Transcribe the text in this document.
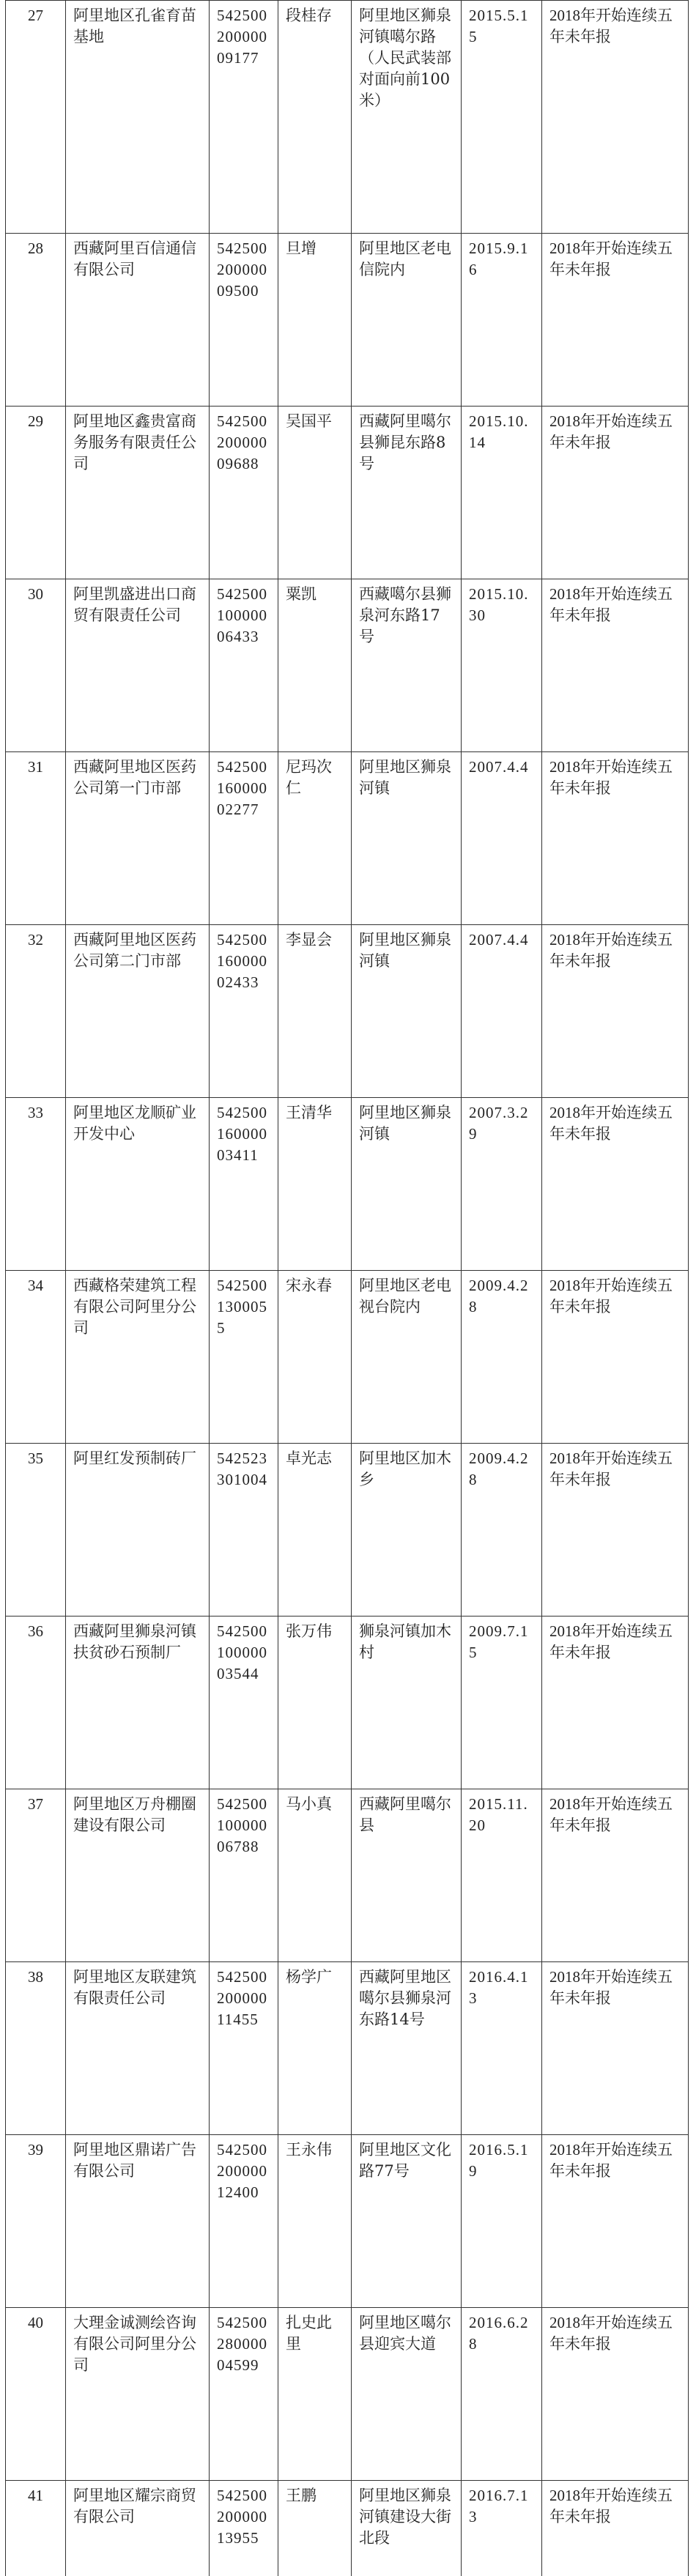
27	阿里地区孔雀育苗基地	54250020000009177	段桂存	阿里地区狮泉河镇噶尔路（人民武装部对面向前100米）	2015.5.15	2018年开始连续五年未年报
28	西藏阿里百信通信有限公司	54250020000009500	旦增	阿里地区老电信院内	2015.9.16	2018年开始连续五年未年报
29	阿里地区鑫贵富商务服务有限责任公司	54250020000009688	吴国平	西藏阿里噶尔县狮昆东路8号	2015.10.14	2018年开始连续五年未年报
30	阿里凯盛进出口商贸有限责任公司	54250010000006433	粟凯	西藏噶尔县狮泉河东路17号	2015.10.30	2018年开始连续五年未年报
31	西藏阿里地区医药公司第一门市部	54250016000002277	尼玛次仁	阿里地区狮泉河镇	2007.4.4	2018年开始连续五年未年报
32	西藏阿里地区医药公司第二门市部	54250016000002433	李显会	阿里地区狮泉河镇	2007.4.4	2018年开始连续五年未年报
33	阿里地区龙顺矿业开发中心	54250016000003411	王清华	阿里地区狮泉河镇	2007.3.29	2018年开始连续五年未年报
34	西藏格荣建筑工程有限公司阿里分公司	5425001300055	宋永春	阿里地区老电视台院内	2009.4.28	2018年开始连续五年未年报
35	阿里红发预制砖厂	542523301004	卓光志	阿里地区加木乡	2009.4.28	2018年开始连续五年未年报
36	西藏阿里狮泉河镇扶贫砂石预制厂	54250010000003544	张万伟	狮泉河镇加木村	2009.7.15	2018年开始连续五年未年报
37	阿里地区万舟棚圈建设有限公司	54250010000006788	马小真	西藏阿里噶尔县	2015.11.20	2018年开始连续五年未年报
38	阿里地区友联建筑有限责任公司	54250020000011455	杨学广	西藏阿里地区噶尔县狮泉河东路14号	2016.4.13	2018年开始连续五年未年报
39	阿里地区鼎诺广告有限公司	54250020000012400	王永伟	阿里地区文化路77号	2016.5.19	2018年开始连续五年未年报
40	大理金诚测绘咨询有限公司阿里分公司	54250028000004599	扎史此里	阿里地区噶尔县迎宾大道	2016.6.28	2018年开始连续五年未年报
41	阿里地区耀宗商贸有限公司	54250020000013955	王鹏	阿里地区狮泉河镇建设大街北段	2016.7.13	2018年开始连续五年未年报
